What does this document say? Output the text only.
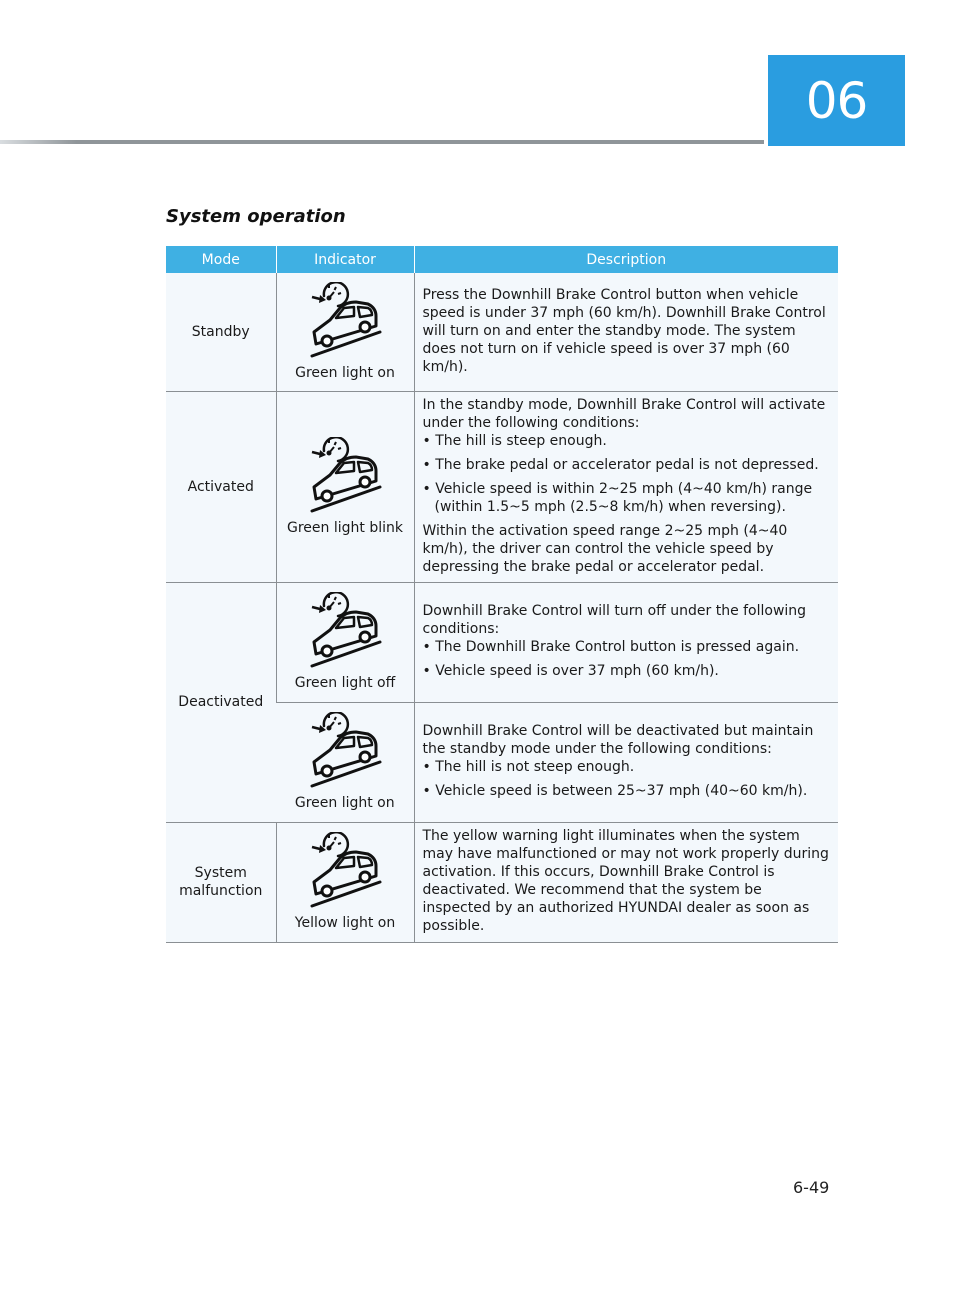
06
System operation
Mode	Indicator	Description
Standby	Green light on	Press the Downhill Brake Control button when vehicle speed is under 37 mph (60 km/h). Downhill Brake Control will turn on and enter the standby mode. The system does not turn on if vehicle speed is over 37 mph (60 km/h).

Activated	Green light blink	In the standby mode, Downhill Brake Control will activate under the following conditions:

• The hill is steep enough.
• The brake pedal or accelerator pedal is not depressed.
• Vehicle speed is within 2~25 mph (4~40 km/h) range (within 1.5~5 mph (2.5~8 km/h) when reversing).

Within the activation speed range 2~25 mph (4~40 km/h), the driver can control the vehicle speed by depressing the brake pedal or accelerator pedal.

Deactivated	Green light off	Downhill Brake Control will turn off under the following conditions:

• The Downhill Brake Control button is pressed again.
• Vehicle speed is over 37 mph (60 km/h).

	Green light on	Downhill Brake Control will be deactivated but maintain the standby mode under the following conditions:

• The hill is not steep enough.
• Vehicle speed is between 25~37 mph (40~60 km/h).

System malfunction	Yellow light on	The yellow warning light illuminates when the system may have malfunctioned or may not work properly during activation. If this occurs, Downhill Brake Control is deactivated. We recommend that the system be inspected by an authorized HYUNDAI dealer as soon as possible.

6-49
